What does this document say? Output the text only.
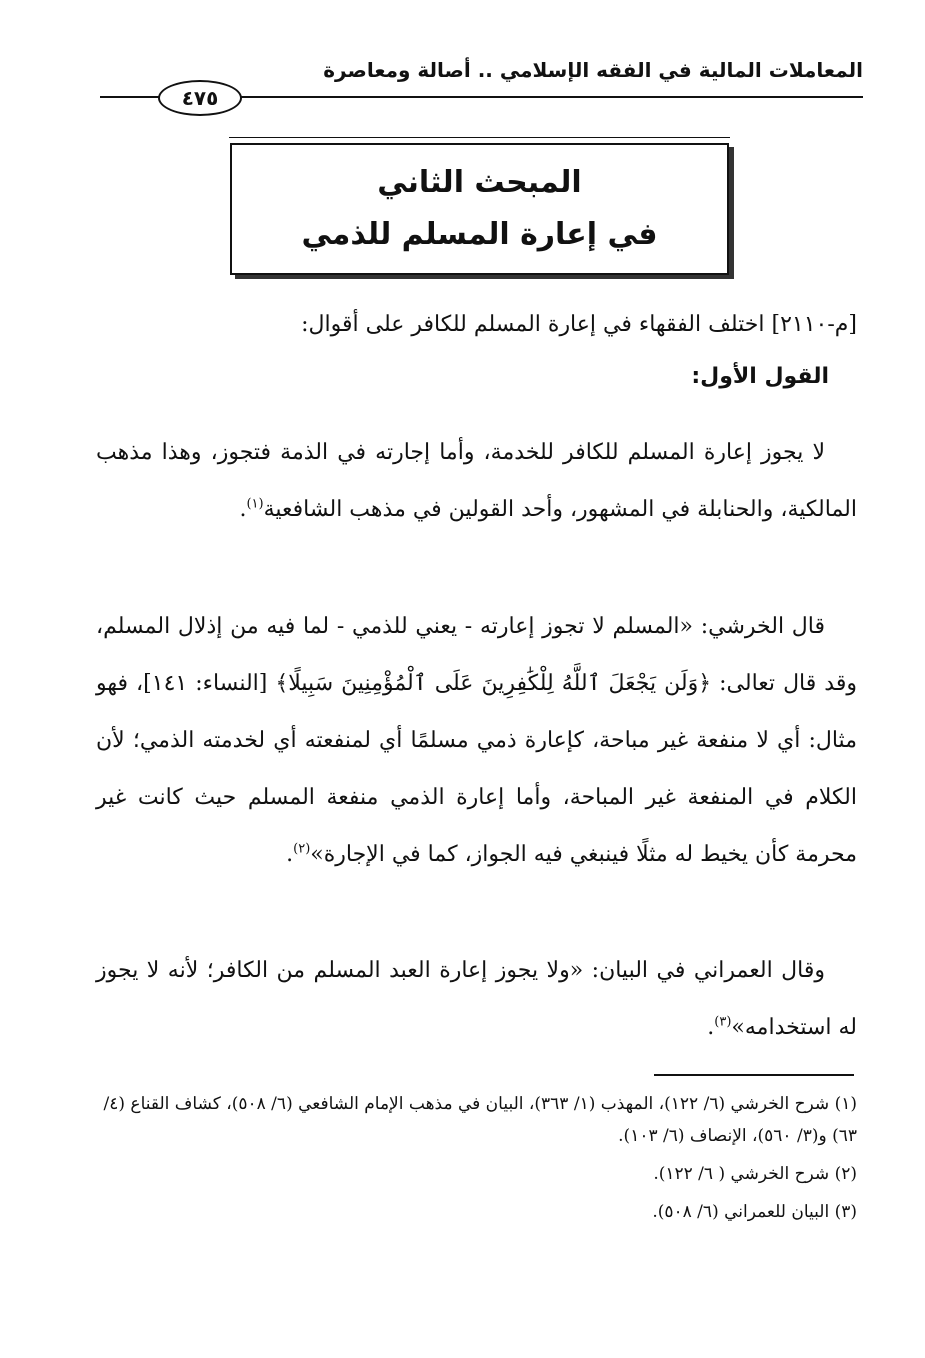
المعاملات المالية في الفقه الإسلامي .. أصالة ومعاصرة
٤٧٥
المبحث الثاني
في إعارة المسلم للذمي
[م-٢١١٠] اختلف الفقهاء في إعارة المسلم للكافر على أقوال:
القول الأول:
لا يجوز إعارة المسلم للكافر للخدمة، وأما إجارته في الذمة فتجوز، وهذا مذهب المالكية، والحنابلة في المشهور، وأحد القولين في مذهب الشافعية$^{(١)}$.
قال الخرشي: «المسلم لا تجوز إعارته - يعني للذمي - لما فيه من إذلال المسلم، وقد قال تعالى: ﴿وَلَن يَجْعَلَ ٱللَّهُ لِلْكَٰفِرِينَ عَلَى ٱلْمُؤْمِنِينَ سَبِيلًا﴾ [النساء: ١٤١]، فهو مثال: أي لا منفعة غير مباحة، كإعارة ذمي مسلمًا أي لمنفعته أي لخدمته الذمي؛ لأن الكلام في المنفعة غير المباحة، وأما إعارة الذمي منفعة المسلم حيث كانت غير محرمة كأن يخيط له مثلًا فينبغي فيه الجواز، كما في الإجارة»$^{(٢)}$.
وقال العمراني في البيان: «ولا يجوز إعارة العبد المسلم من الكافر؛ لأنه لا يجوز له استخدامه»$^{(٣)}$.
(١) شرح الخرشي (٦/ ١٢٢)، المهذب (١/ ٣٦٣)، البيان في مذهب الإمام الشافعي (٦/ ٥٠٨)، كشاف القناع (٤/ ٦٣) و(٣/ ٥٦٠)، الإنصاف (٦/ ١٠٣).
(٢) شرح الخرشي ( ٦/ ١٢٢).
(٣) البيان للعمراني (٦/ ٥٠٨).
